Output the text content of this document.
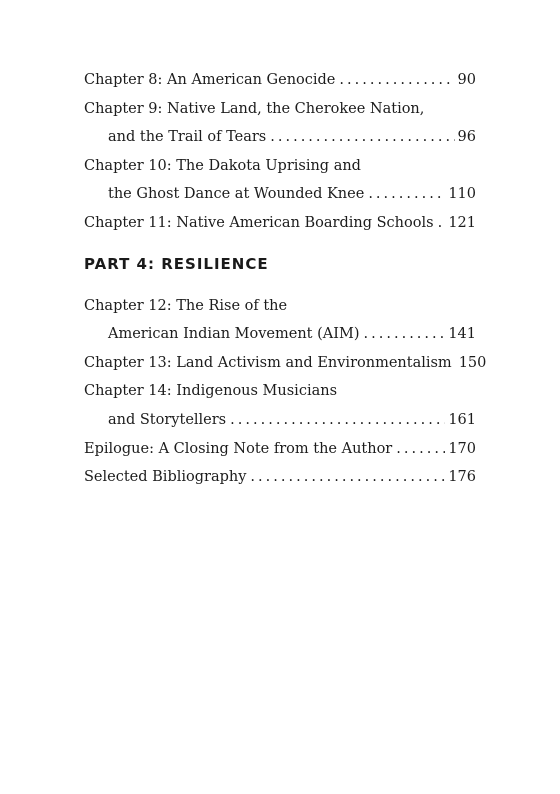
Chapter 8: An American Genocide . . .	90
Chapter 9: Native Land, the Cherokee Nation,
and the Trail of Tears . . .	96
Chapter 10: The Dakota Uprising and
the Ghost Dance at Wounded Knee . . .	110
Chapter 11: Native American Boarding Schools . . . 121
PART 4: RESILIENCE
Chapter 12: The Rise of the
American Indian Movement (AIM) . . .	141
Chapter 13: Land Activism and Environmentalism 150
Chapter 14: Indigenous Musicians
and Storytellers . . .	161
Epilogue: A Closing Note from the Author . . .	170
Selected Bibliography . . .	176
